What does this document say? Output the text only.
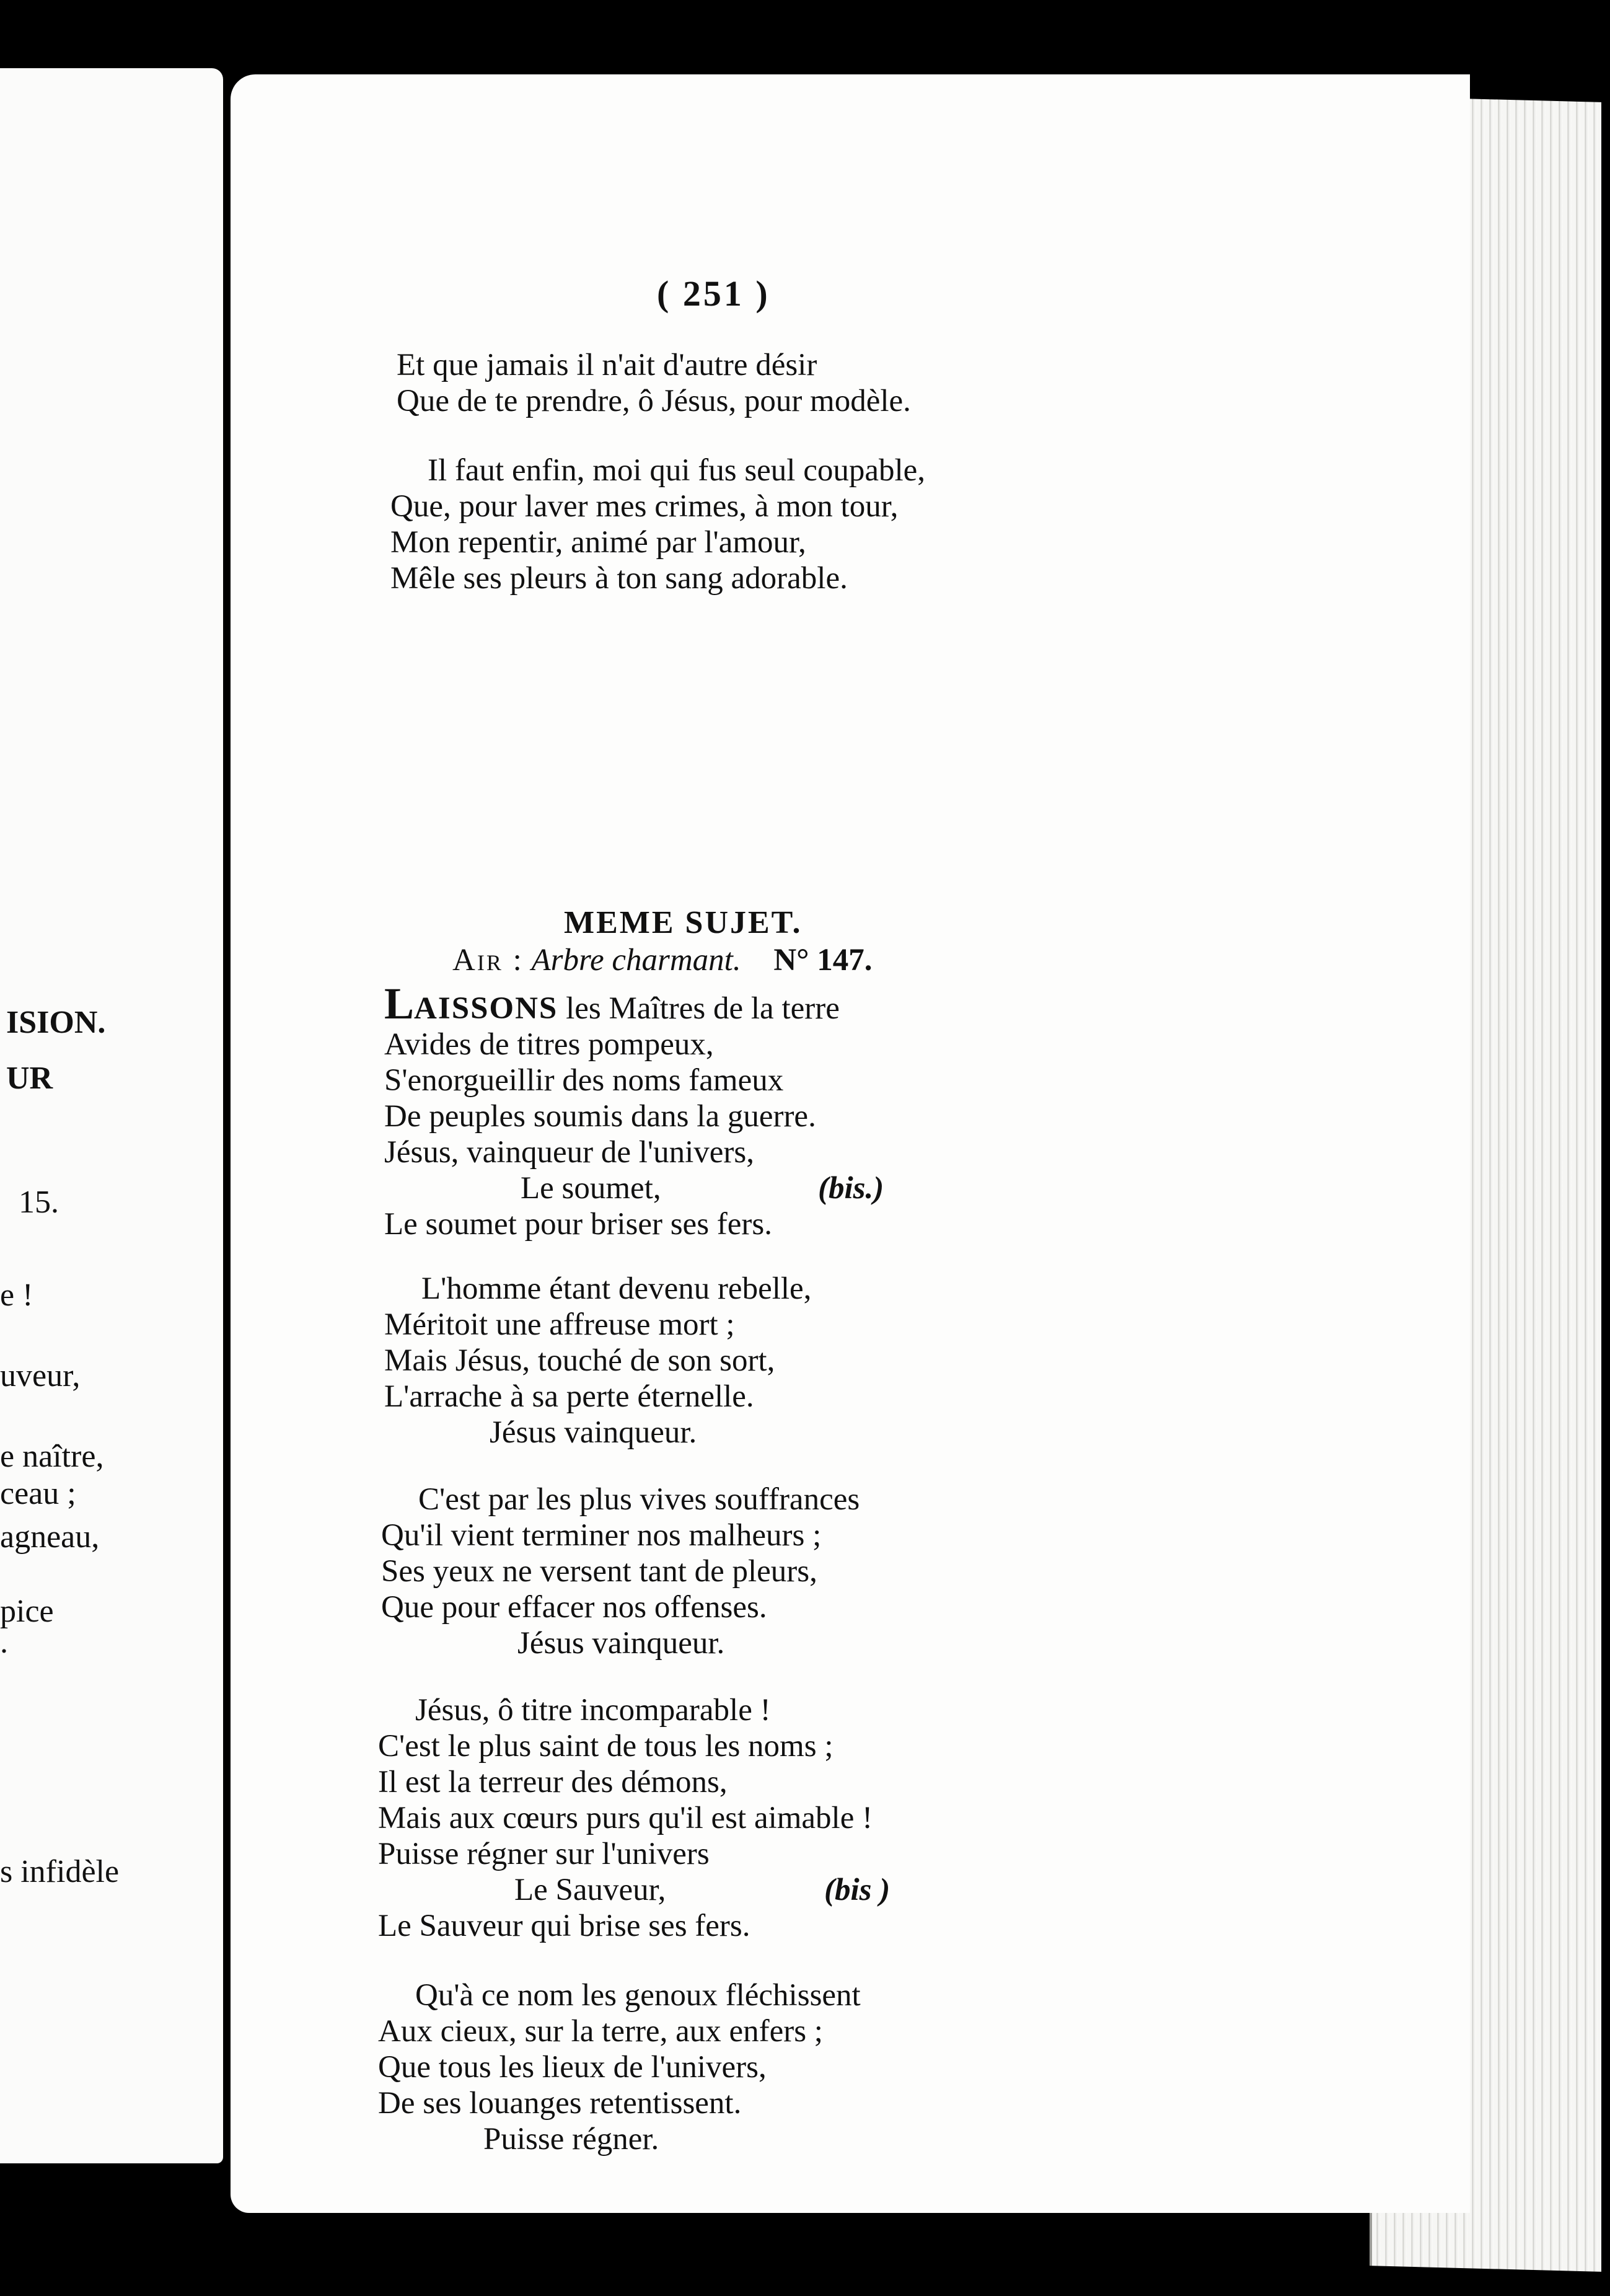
ISION.
UR
15.
e !
uveur,
e naître,
ceau ;
agneau,
pice
.
s infidèle
( 251 )
Et que jamais il n'ait d'autre désir
Que de te prendre, ô Jésus, pour modèle.
Il faut enfin, moi qui fus seul coupable,
Que, pour laver mes crimes, à mon tour,
Mon repentir, animé par l'amour,
Mêle ses pleurs à ton sang adorable.
MEME SUJET.
Air : Arbre charmant. N° 147.
LAISSONS les Maîtres de la terre
Avides de titres pompeux,
S'enorgueillir des noms fameux
De peuples soumis dans la guerre.
Jésus, vainqueur de l'univers,
Le soumet,	(bis.)
Le soumet pour briser ses fers.
L'homme étant devenu rebelle,
Méritoit une affreuse mort ;
Mais Jésus, touché de son sort,
L'arrache à sa perte éternelle.
Jésus vainqueur.
C'est par les plus vives souffrances
Qu'il vient terminer nos malheurs ;
Ses yeux ne versent tant de pleurs,
Que pour effacer nos offenses.
Jésus vainqueur.
Jésus, ô titre incomparable !
C'est le plus saint de tous les noms ;
Il est la terreur des démons,
Mais aux cœurs purs qu'il est aimable !
Puisse régner sur l'univers
Le Sauveur,	(bis )
Le Sauveur qui brise ses fers.
Qu'à ce nom les genoux fléchissent
Aux cieux, sur la terre, aux enfers ;
Que tous les lieux de l'univers,
De ses louanges retentissent.
Puisse régner.
